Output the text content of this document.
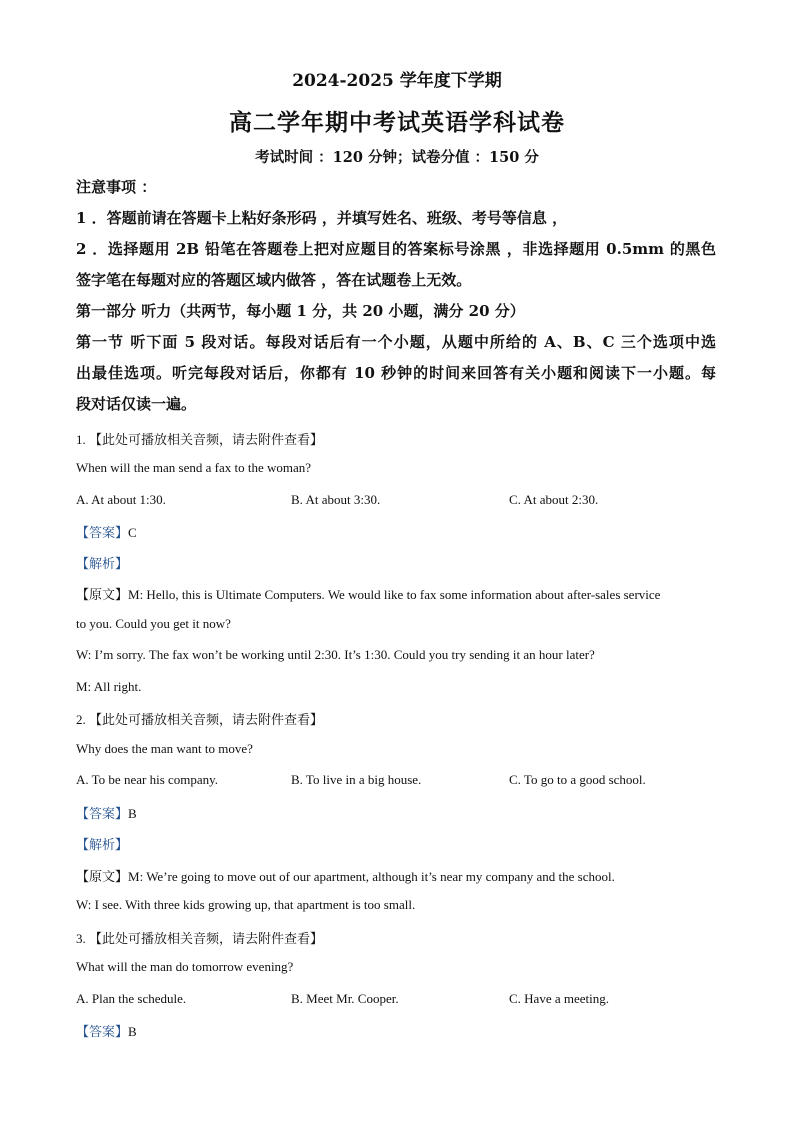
2024-2025 学年度下学期
高二学年期中考试英语学科试卷
考试时间 ：120 分钟；试卷分值 ：150 分
注意事项 ：
1 ．答题前请在答题卡上粘好条形码 ，并填写姓名、班级、考号等信息 ，
2 ．选择题用 2B 铅笔在答题卷上把对应题目的答案标号涂黑 ，非选择题用 0.5mm 的黑色
签字笔在每题对应的答题区域内做答 ，答在试题卷上无效。
第一部分 听力（共两节，每小题 1 分，共 20 小题，满分 20 分）
第一节 听下面 5 段对话。每段对话后有一个小题，从题中所给的 A、B、C 三个选项中选
出最佳选项。听完每段对话后，你都有 10 秒钟的时间来回答有关小题和阅读下一小题。每
段对话仅读一遍。
1. 【此处可播放相关音频，请去附件查看】
When will the man send a fax to the woman?
A. At about 1:30.	B. At about 3:30.	C. At about 2:30.
【答案】C
【解析】
【原文】M: Hello, this is Ultimate Computers. We would like to fax some information about after-sales service
to you. Could you get it now?
W: I’m sorry. The fax won’t be working until 2:30. It’s 1:30. Could you try sending it an hour later?
M: All right.
2. 【此处可播放相关音频，请去附件查看】
Why does the man want to move?
A. To be near his company.	B. To live in a big house.	C. To go to a good school.
【答案】B
【解析】
【原文】M: We’re going to move out of our apartment, although it’s near my company and the school.
W: I see. With three kids growing up, that apartment is too small.
3. 【此处可播放相关音频，请去附件查看】
What will the man do tomorrow evening?
A. Plan the schedule.	B. Meet Mr. Cooper.	C. Have a meeting.
【答案】B
